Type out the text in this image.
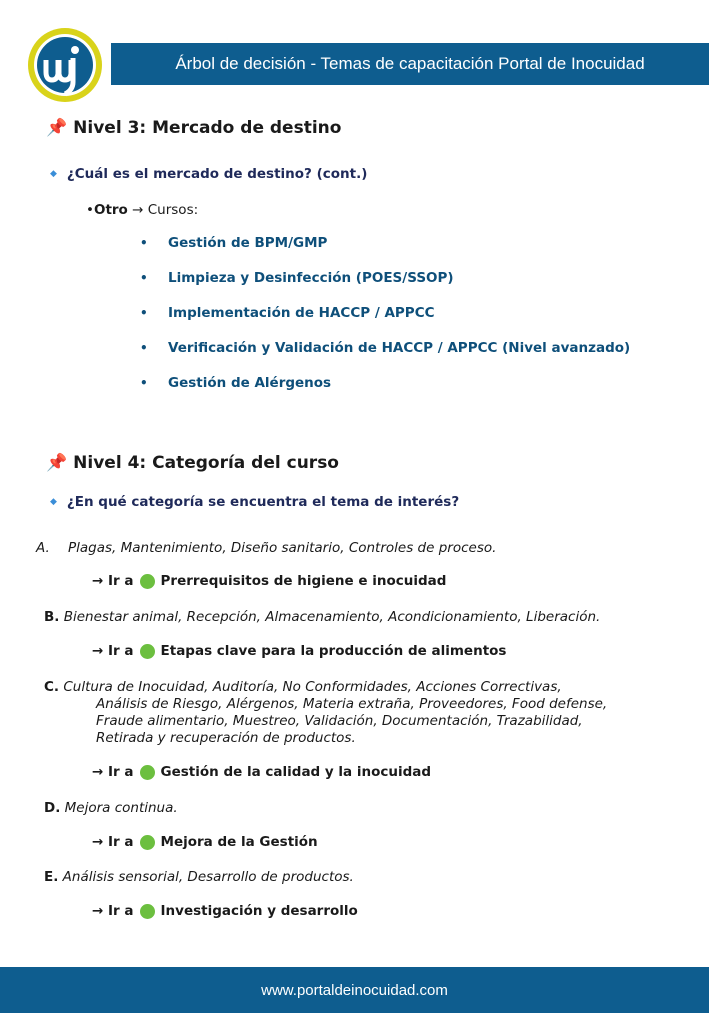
Árbol de decisión - Temas de capacitación Portal de Inocuidad
📌 Nivel 3: Mercado de destino
◆ ¿Cuál es el mercado de destino? (cont.)
•Otro → Cursos:
•	Gestión de BPM/GMP
•	Limpieza y Desinfección (POES/SSOP)
•	Implementación de HACCP / APPCC
•	Verificación y Validación de HACCP / APPCC (Nivel avanzado)
•	Gestión de Alérgenos
📌 Nivel 4: Categoría del curso
◆ ¿En qué categoría se encuentra el tema de interés?
A. Plagas, Mantenimiento, Diseño sanitario, Controles de proceso.
→ Ir a Prerrequisitos de higiene e inocuidad
B. Bienestar animal, Recepción, Almacenamiento, Acondicionamiento, Liberación.
→ Ir a Etapas clave para la producción de alimentos
C. Cultura de Inocuidad, Auditoría, No Conformidades, Acciones Correctivas,
Análisis de Riesgo, Alérgenos, Materia extraña, Proveedores, Food defense,
Fraude alimentario, Muestreo, Validación, Documentación, Trazabilidad,
Retirada y recuperación de productos.
→ Ir a Gestión de la calidad y la inocuidad
D. Mejora continua.
→ Ir a Mejora de la Gestión
E. Análisis sensorial, Desarrollo de productos.
→ Ir a Investigación y desarrollo
www.portaldeinocuidad.com
